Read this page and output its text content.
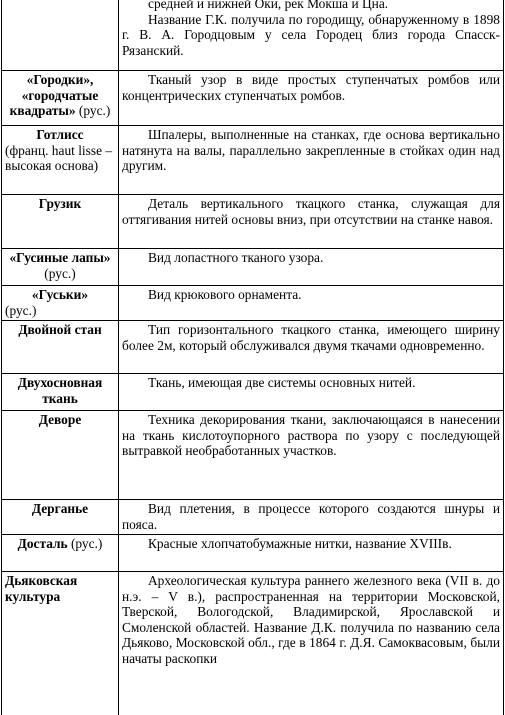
	средней и нижней Оки, рек Мокша и Цна.

Название Г.К. получила по городищу, обнаруженному в 1898 г. В. А. Городцовым у села Городец близ города Спасск-Рязанский.

«Городки», «городчатые квадраты» (рус.)	Тканый узор в виде простых ступенчатых ромбов или концентрических ступенчатых ромбов.

Готлисс
(франц. haut lisse – высокая основа)	Шпалеры, выполненные на станках, где основа вертикально натянута на валы, параллельно закрепленные в стойках один над другим.

Грузик	Деталь вертикального ткацкого станка, служащая для оттягивания нитей основы вниз, при отсутствии на станке навоя.

«Гусиные лапы» (рус.)	Вид лопастного тканого узора.

«Гуськи»
(рус.)	Вид крюкового орнамента.

Двойной стан	Тип горизонтального ткацкого станка, имеющего ширину более 2м, который обслуживался двумя ткачами одновременно.

Двухосновная ткань	Ткань, имеющая две системы основных нитей.

Деворе	Техника декорирования ткани, заключающаяся в нанесении на ткань кислотоупорного раствора по узору с последующей вытравкой необработанных участков.

Дерганье	Вид плетения, в процессе которого создаются шнуры и пояса.

Досталь (рус.)	Красные хлопчатобумажные нитки, название XVIIIв.

Дьяковская культура	Археологическая культура раннего железного века (VII в. до н.э. – V в.), распространенная на территории Московской, Тверской, Вологодской, Владимирской, Ярославской и Смоленской областей. Название Д.К. получила по названию села Дьяково, Московской обл., где в 1864 г. Д.Я. Самоквасовым, были начаты раскопки
